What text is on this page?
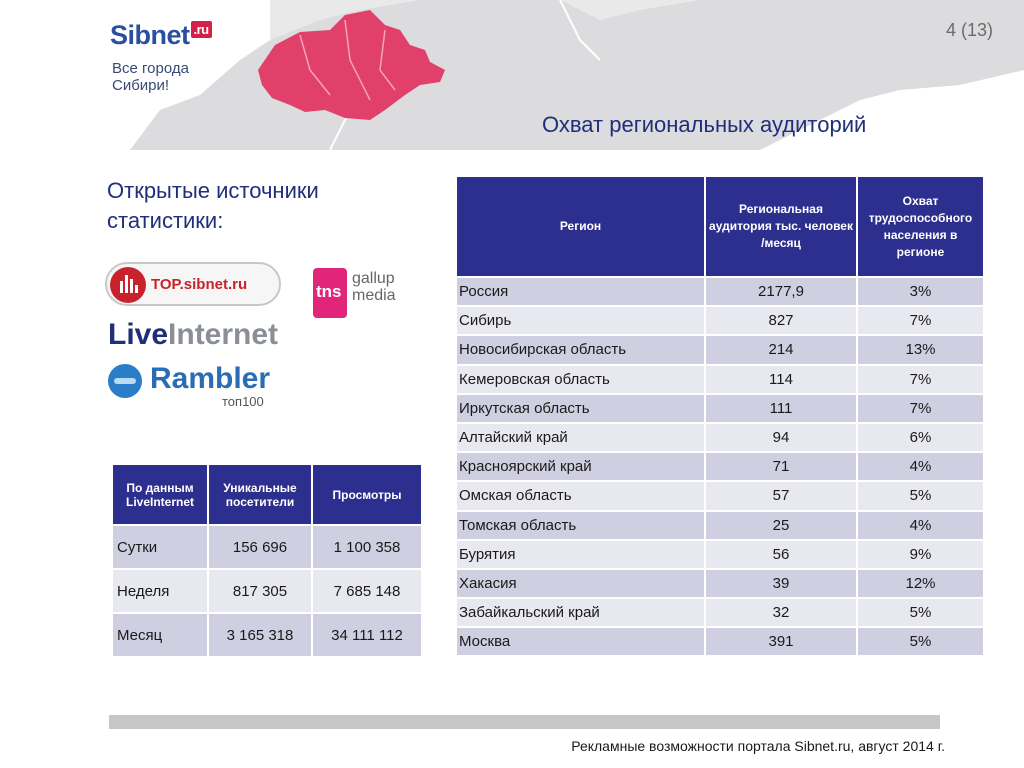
Sibnet .ru
Все города
Сибири!
4 (13)
Охват региональных аудиторий
Открытые источники
статистики:
TOP.sibnet.ru	tns
gallup
media
LiveInternet
Rambler
топ100
По данным LiveInternet	Уникальные посетители	Просмотры
Сутки	156 696	1 100 358
Неделя	817 305	7 685 148
Месяц	3 165 318	34 111 112
Регион	Региональная аудитория тыс. человек /месяц	Охват трудоспособного населения в регионе
Россия	2177,9	3%
Сибирь	827	7%
Новосибирская область	214	13%
Кемеровская область	114	7%
Иркутская область	111	7%
Алтайский край	94	6%
Красноярский край	71	4%
Омская область	57	5%
Томская область	25	4%
Бурятия	56	9%
Хакасия	39	12%
Забайкальский край	32	5%
Москва	391	5%
Рекламные возможности портала Sibnet.ru, август 2014 г.
